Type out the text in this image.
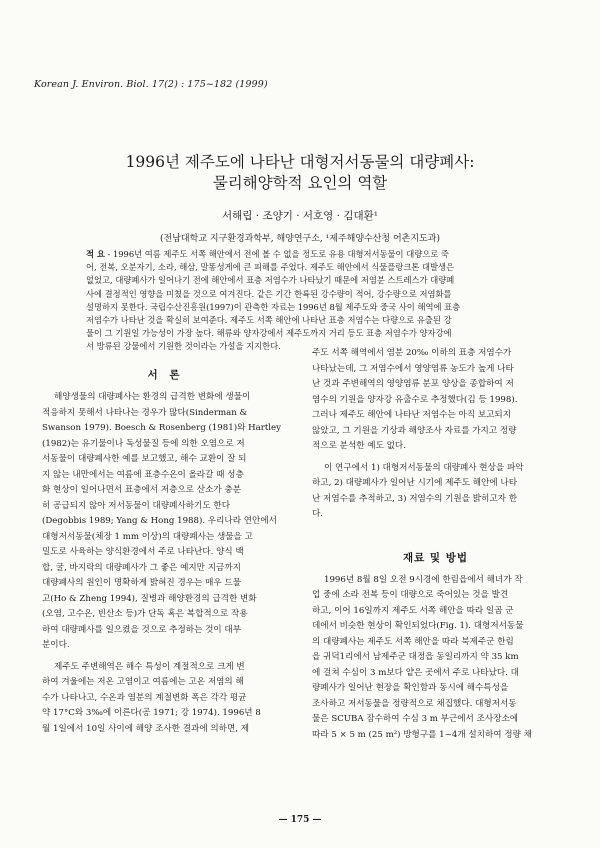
Korean J. Environ. Biol. 17(2) : 175~182 (1999)
1996년 제주도에 나타난 대형저서동물의 대량폐사:
물리해양학적 요인의 역할
서해립 · 조양기 · 서호영 · 김대환¹
(전남대학교 지구환경과학부, 해양연구소, ¹제주해양수산청 어촌지도과)
적 요 - 1996년 여름 제주도 서쪽 해안에서 전에 볼 수 없을 정도로 유용 대형저서동물이 대량으로 죽
어, 전복, 오분자기, 소라, 해삼, 말똥성게에 큰 피해를 주었다. 제주도 해안에서 식물플랑크톤 대발생은
없었고, 대량폐사가 일어나기 전에 해안에서 표층 저염수가 나타났기 때문에 저염분 스트레스가 대량폐
사에 결정적인 영향을 미쳤을 것으로 여겨진다. 같은 기간 한륙된 강수량이 적어, 강수량으로 저염화를
설명하지 못한다. 국립수산진흥원(1997)이 관측한 자료는 1996년 8월 제주도와 중국 사이 해역에 표층
저염수가 나타난 것을 확실히 보여준다. 제주도 서쪽 해안에 나타난 표층 저염수는 다량으로 유출된 강
물이 그 기원일 가능성이 가장 높다. 해류와 양자강에서 제주도까지 거리 등도 표층 저염수가 양자강에
서 방류된 강물에서 기원한 것이라는 가설을 지지한다.
서 론
해양생물의 대량폐사는 환경의 급격한 변화에 생물이
적응하지 못해서 나타나는 경우가 많다(Sinderman &
Swanson 1979). Boesch & Rosenberg (1981)와 Hartley
(1982)는 유기물이나 독성물질 등에 의한 오염으로 저
서동물이 대량폐사한 예를 보고했고, 해수 교환이 잘 되
지 않는 내만에서는 여름에 표층수온이 올라갈 때 성층
화 현상이 일어나면서 표층에서 저층으로 산소가 충분
히 공급되지 않아 저서동물이 대량폐사하기도 한다
(Degobbis 1989; Yang & Hong 1988). 우리나라 연안에서
대형저서동물(체장 1 mm 이상)의 대량폐사는 생물을 고
밀도로 사육하는 양식환경에서 주로 나타난다. 양식 백
합, 굴, 바지락의 대량폐사가 그 좋은 예지만 지금까지
대량폐사의 원인이 명확하게 밝혀진 경우는 매우 드물
고(Ho & Zheng 1994), 질병과 해양환경의 급격한 변화
(오염, 고수온, 빈산소 등)가 단독 혹은 복합적으로 작용
하여 대량폐사를 일으켰을 것으로 추정하는 것이 대부
분이다.
제주도 주변해역은 해수 특성이 계절적으로 크게 변
하여 겨울에는 저온 고염이고 여름에는 고온 저염의 해
수가 나타나고, 수온과 염분의 계절변화 폭은 각각 평균
약 17°C와 3‰에 이른다(공 1971; 강 1974). 1996년 8
월 1일에서 10일 사이에 해양 조사한 결과에 의하면, 제
주도 서쪽 해역에서 염분 20‰ 이하의 표층 저염수가
나타났는데, 그 저염수에서 영양염류 농도가 높게 나타
난 것과 주변해역의 영양염류 분포 양상을 종합하여 저
염수의 기원을 양자강 유출수로 추정했다(김 등 1998).
그러나 제주도 해안에 나타난 저염수는 아직 보고되지
않았고, 그 기원을 기상과 해양조사 자료를 가지고 정량
적으로 분석한 예도 없다.
이 연구에서 1) 대형저서동물의 대량폐사 현상을 파악
하고, 2) 대량폐사가 일어난 시기에 제주도 해안에 나타
난 저염수를 추적하고, 3) 저염수의 기원을 밝히고자 한
다.
재료 및 방법
1996년 8월 8일 오전 9시경에 한림읍에서 해녀가 작
업 중에 소라 전복 등이 대량으로 죽어있는 것을 발견
하고, 이어 16일까지 제주도 서쪽 해안을 따라 일곱 군
데에서 비슷한 현상이 확인되었다(Fig. 1). 대형저서동물
의 대량폐사는 제주도 서쪽 해안을 따라 북제주군 한림
읍 귀덕1리에서 남제주군 대정읍 동일리까지 약 35 km
에 걸쳐 수심이 3 m보다 얕은 곳에서 주로 나타났다. 대
량폐사가 일어난 현장을 확인함과 동시에 해수특성을
조사하고 저서동물을 정량적으로 채집했다. 대형저서동
물은 SCUBA 잠수하여 수심 3 m 부근에서 조사장소에
따라 5 × 5 m (25 m²) 방형구를 1~4개 설치하여 정량 채
— 175 —
